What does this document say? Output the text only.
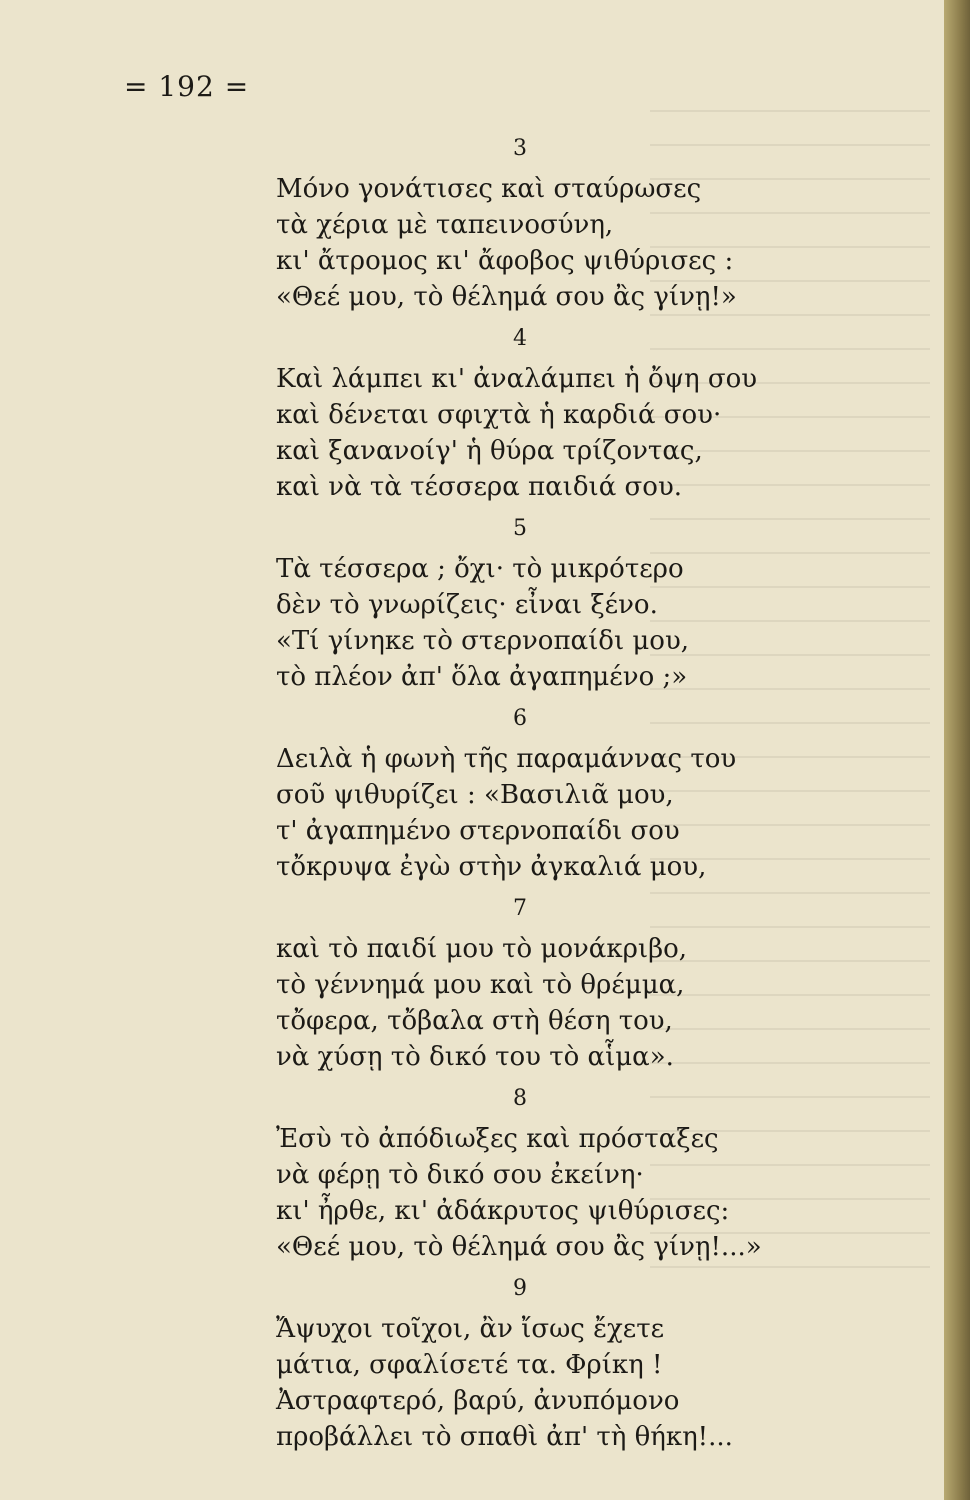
= 192 =
3
Μόνο γονάτισες καὶ σταύρωσες
τὰ χέρια μὲ ταπεινοσύνη,
κι' ἄτρομος κι' ἄφοβος ψιθύρισες :
«Θεέ μου, τὸ θέλημά σου ἂς γίνῃ!»
4
Καὶ λάμπει κι' ἀναλάμπει ἡ ὄψη σου
καὶ δένεται σφιχτὰ ἡ καρδιά σου·
καὶ ξανανοίγ' ἡ θύρα τρίζοντας,
καὶ νὰ τὰ τέσσερα παιδιά σου.
5
Τὰ τέσσερα ; ὄχι· τὸ μικρότερο
δὲν τὸ γνωρίζεις· εἶναι ξένο.
«Τί γίνηκε τὸ στερνοπαίδι μου,
τὸ πλέον ἀπ' ὅλα ἀγαπημένο ;»
6
Δειλὰ ἡ φωνὴ τῆς παραμάννας του
σοῦ ψιθυρίζει : «Βασιλιᾶ μου,
τ' ἀγαπημένο στερνοπαίδι σου
τὄκρυψα ἐγὼ στὴν ἀγκαλιά μου,
7
καὶ τὸ παιδί μου τὸ μονάκριβο,
τὸ γέννημά μου καὶ τὸ θρέμμα,
τὄφερα, τὄβαλα στὴ θέση του,
νὰ χύσῃ τὸ δικό του τὸ αἷμα».
8
Ἐσὺ τὸ ἀπόδιωξες καὶ πρόσταξες
νὰ φέρῃ τὸ δικό σου ἐκείνη·
κι' ἦρθε, κι' ἀδάκρυτος ψιθύρισες:
«Θεέ μου, τὸ θέλημά σου ἂς γίνῃ!...»
9
Ἄψυχοι τοῖχοι, ἂν ἴσως ἔχετε
μάτια, σφαλίσετέ τα. Φρίκη !
Ἀστραφτερό, βαρύ, ἀνυπόμονο
προβάλλει τὸ σπαθὶ ἀπ' τὴ θήκη!...
